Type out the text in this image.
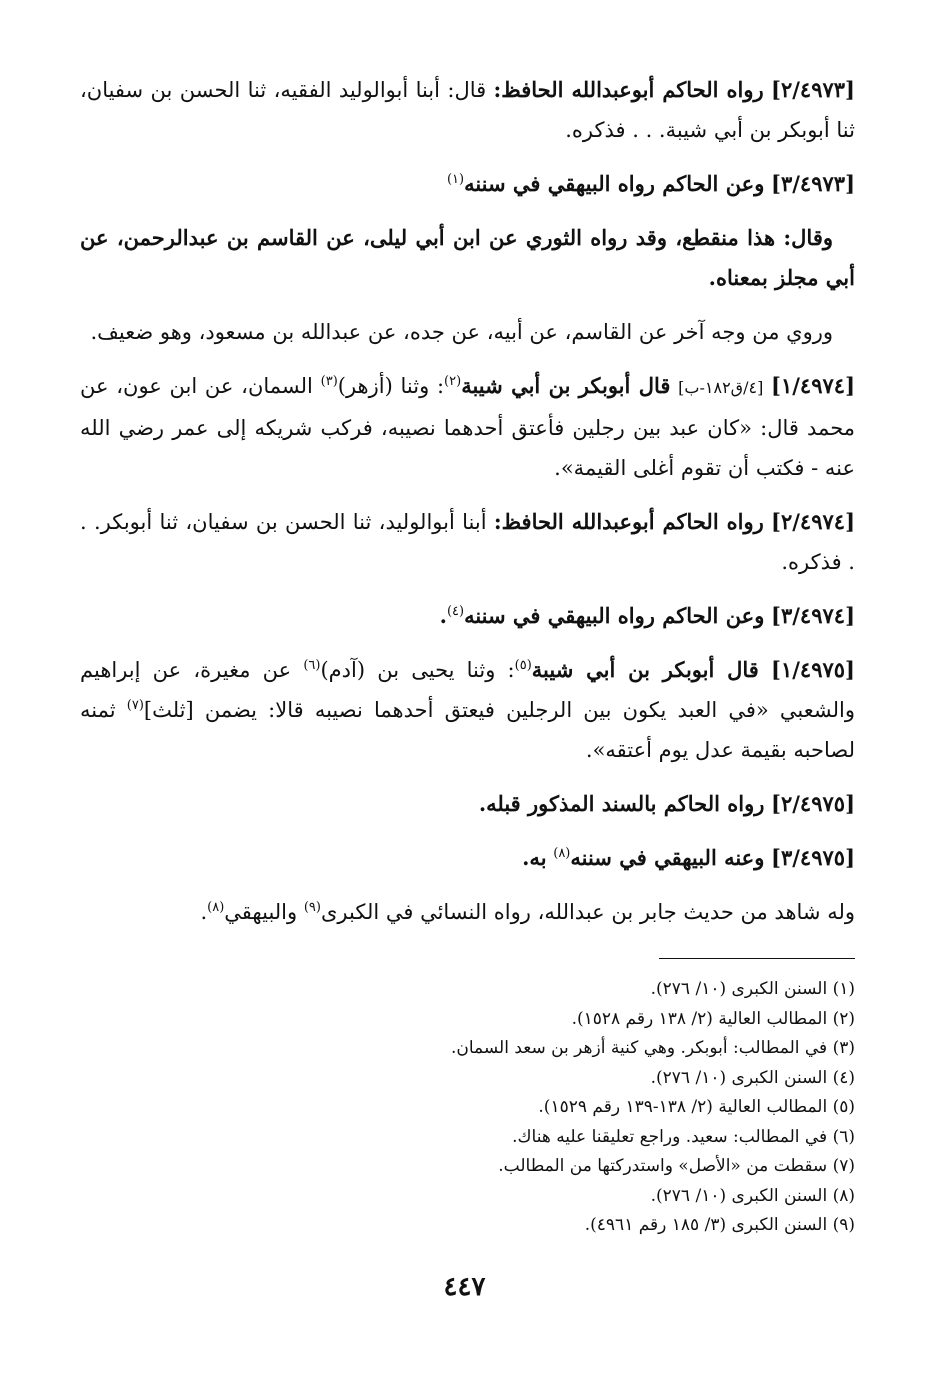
[٢/٤٩٧٣] رواه الحاكم أبوعبدالله الحافظ: قال: أبنا أبوالوليد الفقيه، ثنا الحسن بن سفيان، ثنا أبوبكر بن أبي شيبة. . . فذكره.

[٣/٤٩٧٣] وعن الحاكم رواه البيهقي في سننه$^{(١)}$

وقال: هذا منقطع، وقد رواه الثوري عن ابن أبي ليلى، عن القاسم بن عبدالرحمن، عن أبي مجلز بمعناه.

وروي من وجه آخر عن القاسم، عن أبيه، عن جده، عن عبدالله بن مسعود، وهو ضعيف.

[١/٤٩٧٤] [٤/ق١٨٢-ب] قال أبوبكر بن أبي شيبة$^{(٢)}$: وثنا (أزهر)$^{(٣)}$ السمان، عن ابن عون، عن محمد قال: «كان عبد بين رجلين فأعتق أحدهما نصيبه، فركب شريكه إلى عمر رضي الله عنه - فكتب أن تقوم أغلى القيمة».

[٢/٤٩٧٤] رواه الحاكم أبوعبدالله الحافظ: أبنا أبوالوليد، ثنا الحسن بن سفيان، ثنا أبوبكر. . . فذكره.

[٣/٤٩٧٤] وعن الحاكم رواه البيهقي في سننه$^{(٤)}$.

[١/٤٩٧٥] قال أبوبكر بن أبي شيبة$^{(٥)}$: وثنا يحيى بن (آدم)$^{(٦)}$ عن مغيرة، عن إبراهيم والشعبي «في العبد يكون بين الرجلين فيعتق أحدهما نصيبه قالا: يضمن [ثلث]$^{(٧)}$ ثمنه لصاحبه بقيمة عدل يوم أعتقه».

[٢/٤٩٧٥] رواه الحاكم بالسند المذكور قبله.

[٣/٤٩٧٥] وعنه البيهقي في سننه$^{(٨)}$ به.

وله شاهد من حديث جابر بن عبدالله، رواه النسائي في الكبرى$^{(٩)}$ والبيهقي$^{(٨)}$.

(١) السنن الكبرى (١٠/ ٢٧٦).
(٢) المطالب العالية (٢/ ١٣٨ رقم ١٥٢٨).
(٣) في المطالب: أبوبكر. وهي كنية أزهر بن سعد السمان.
(٤) السنن الكبرى (١٠/ ٢٧٦).
(٥) المطالب العالية (٢/ ١٣٨-١٣٩ رقم ١٥٢٩).
(٦) في المطالب: سعيد. وراجع تعليقنا عليه هناك.
(٧) سقطت من «الأصل» واستدركتها من المطالب.
(٨) السنن الكبرى (١٠/ ٢٧٦).
(٩) السنن الكبرى (٣/ ١٨٥ رقم ٤٩٦١).
٤٤٧
